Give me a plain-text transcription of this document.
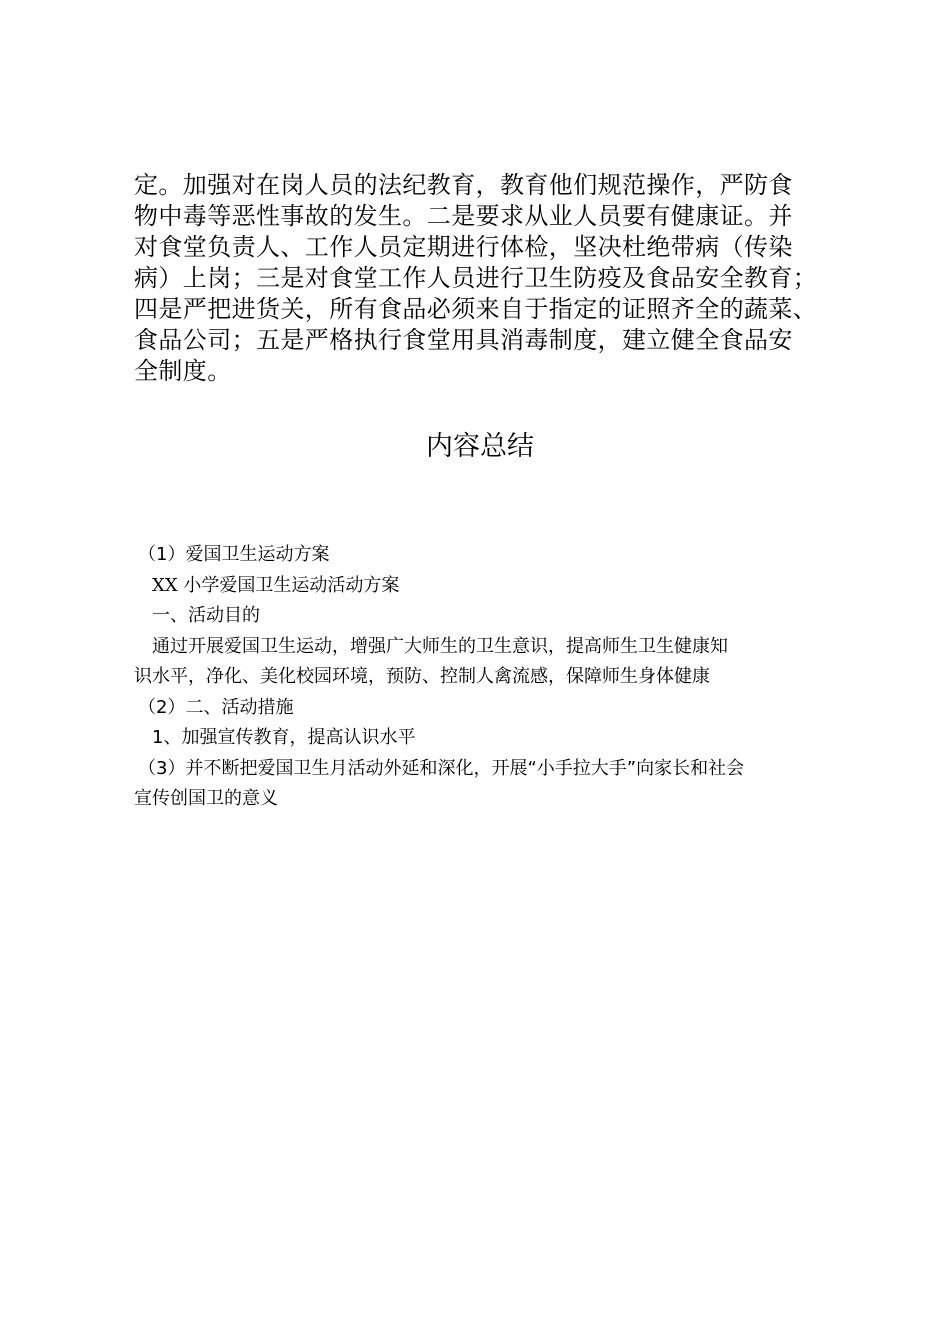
定。加强对在岗人员的法纪教育，教育他们规范操作，严防食
物中毒等恶性事故的发生。二是要求从业人员要有健康证。并
对食堂负责人、工作人员定期进行体检，坚决杜绝带病（传染
病）上岗；三是对食堂工作人员进行卫生防疫及食品安全教育；
四是严把进货关，所有食品必须来自于指定的证照齐全的蔬菜、
食品公司；五是严格执行食堂用具消毒制度，建立健全食品安
全制度。

内容总结
（1）爱国卫生运动方案
XX 小学爱国卫生运动活动方案
一、活动目的
通过开展爱国卫生运动，增强广大师生的卫生意识，提高师生卫生健康知
识水平，净化、美化校园环境，预防、控制人禽流感，保障师生身体健康
（2）二、活动措施
1、加强宣传教育，提高认识水平
（3）并不断把爱国卫生月活动外延和深化，开展“小手拉大手”向家长和社会
宣传创国卫的意义
